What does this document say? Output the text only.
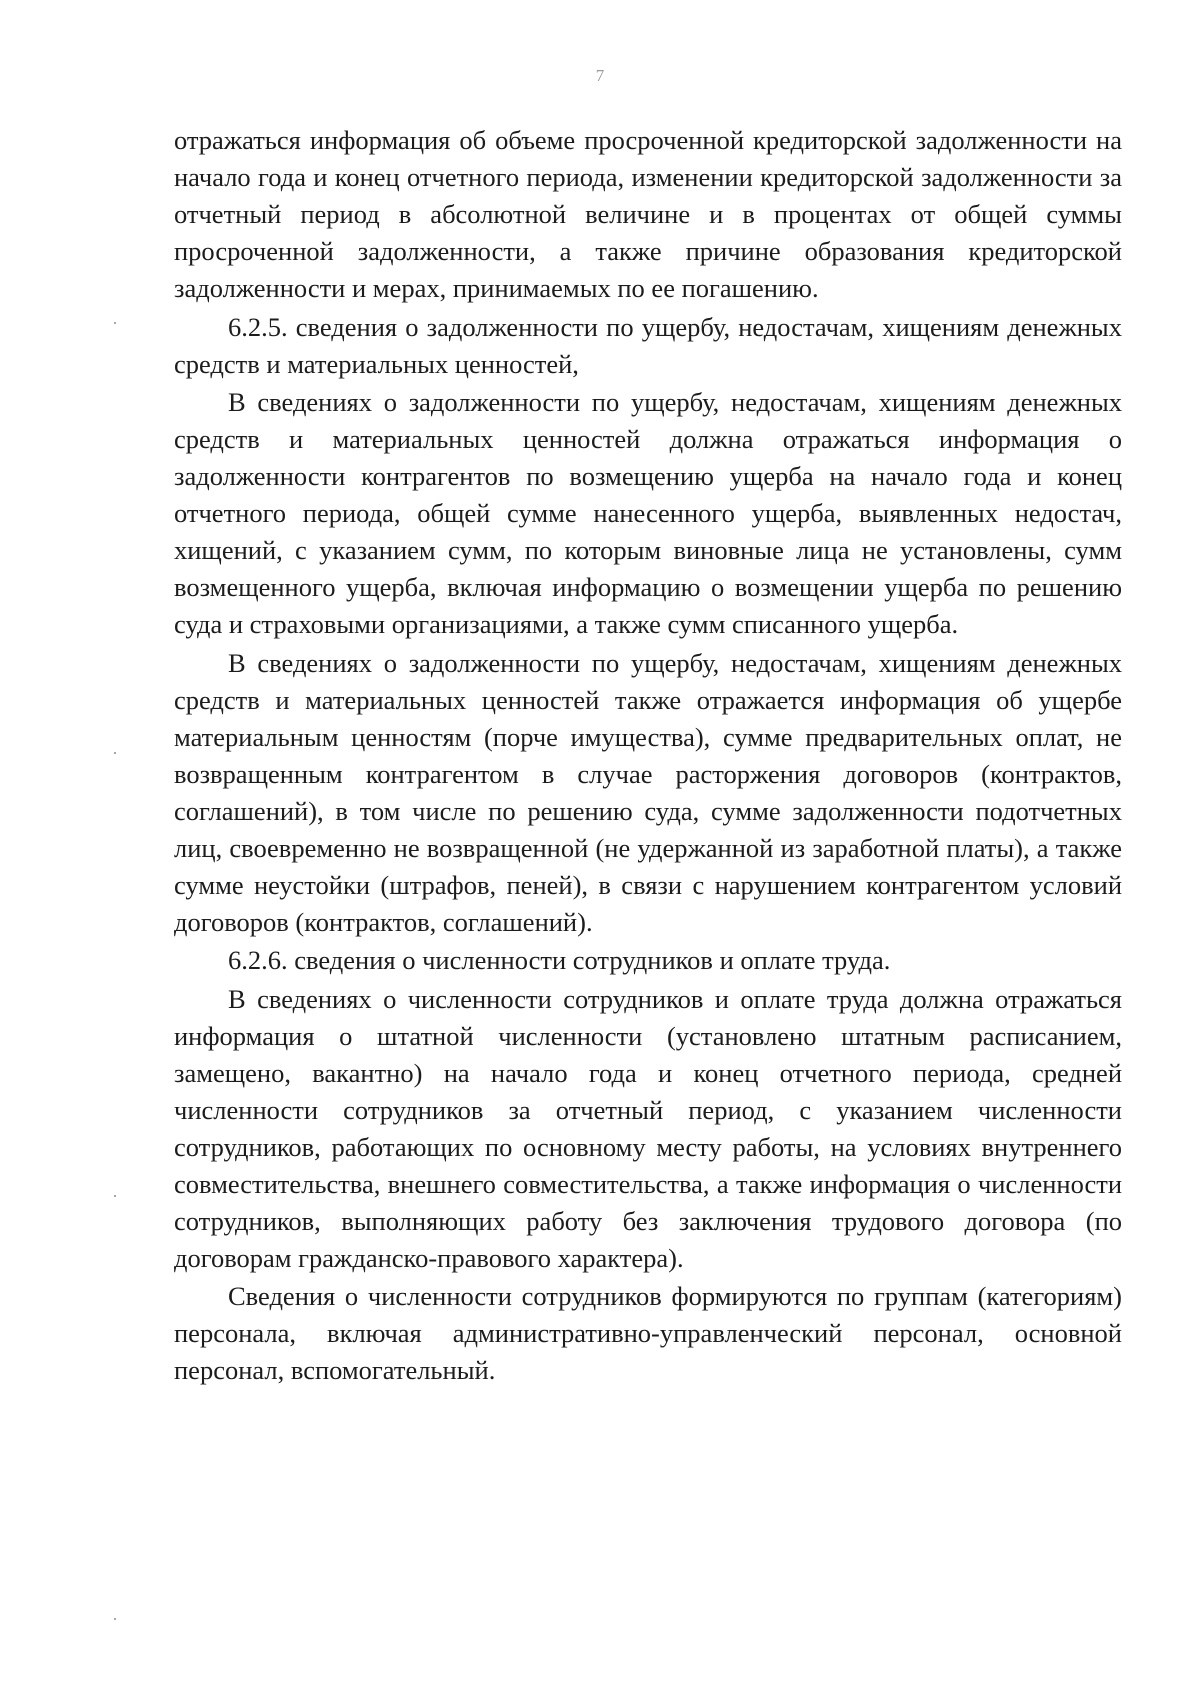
7

отражаться информация об объеме просроченной кредиторской задолженности на начало года и конец отчетного периода, изменении кредиторской задолженности за отчетный период в абсолютной величине и в процентах от общей суммы просроченной задолженности, а также причине образования кредиторской задолженности и мерах, принимаемых по ее погашению.

6.2.5. сведения о задолженности по ущербу, недостачам, хищениям денежных средств и материальных ценностей,

В сведениях о задолженности по ущербу, недостачам, хищениям денежных средств и материальных ценностей должна отражаться информация о задолженности контрагентов по возмещению ущерба на начало года и конец отчетного периода, общей сумме нанесенного ущерба, выявленных недостач, хищений, с указанием сумм, по которым виновные лица не установлены, сумм возмещенного ущерба, включая информацию о возмещении ущерба по решению суда и страховыми организациями, а также сумм списанного ущерба.

В сведениях о задолженности по ущербу, недостачам, хищениям денежных средств и материальных ценностей также отражается информация об ущербе материальным ценностям (порче имущества), сумме предварительных оплат, не возвращенным контрагентом в случае расторжения договоров (контрактов, соглашений), в том числе по решению суда, сумме задолженности подотчетных лиц, своевременно не возвращенной (не удержанной из заработной платы), а также сумме неустойки (штрафов, пеней), в связи с нарушением контрагентом условий договоров (контрактов, соглашений).

6.2.6. сведения о численности сотрудников и оплате труда.

В сведениях о численности сотрудников и оплате труда должна отражаться информация о штатной численности (установлено штатным расписанием, замещено, вакантно) на начало года и конец отчетного периода, средней численности сотрудников за отчетный период, с указанием численности сотрудников, работающих по основному месту работы, на условиях внутреннего совместительства, внешнего совместительства, а также информация о численности сотрудников, выполняющих работу без заключения трудового договора (по договорам гражданско-правового характера).

Сведения о численности сотрудников формируются по группам (категориям) персонала, включая административно-управленческий персонал, основной персонал, вспомогательный.
